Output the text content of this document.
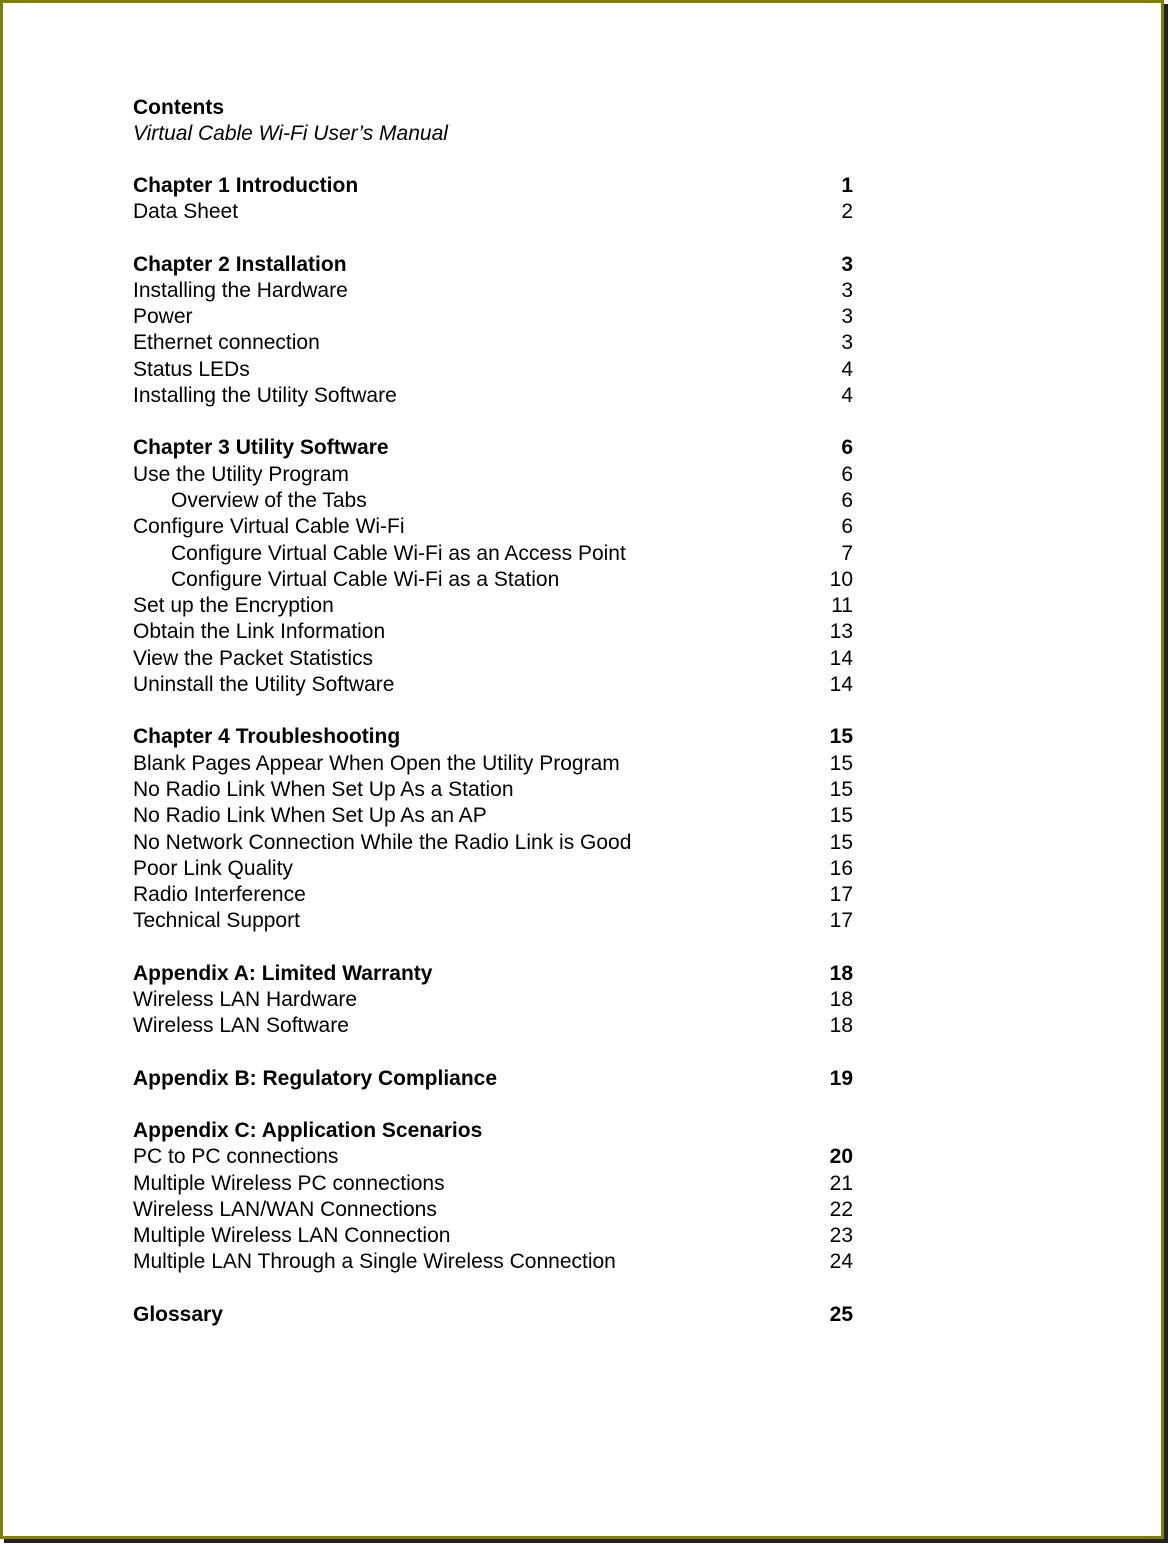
Contents
Virtual Cable Wi-Fi User’s Manual
Chapter 1 Introduction	1
Data Sheet	2
Chapter 2 Installation	3
Installing the Hardware	3
Power	3
Ethernet connection	3
Status LEDs	4
Installing the Utility Software	4
Chapter 3 Utility Software	6
Use the Utility Program	6
Overview of the Tabs	6
Configure Virtual Cable Wi-Fi	6
Configure Virtual Cable Wi-Fi as an Access Point	7
Configure Virtual Cable Wi-Fi as a Station	10
Set up the Encryption	11
Obtain the Link Information	13
View the Packet Statistics	14
Uninstall the Utility Software	14
Chapter 4 Troubleshooting	15
Blank Pages Appear When Open the Utility Program	15
No Radio Link When Set Up As a Station	15
No Radio Link When Set Up As an AP	15
No Network Connection While the Radio Link is Good	15
Poor Link Quality	16
Radio Interference	17
Technical Support	17
Appendix A: Limited Warranty	18
Wireless LAN Hardware	18
Wireless LAN Software	18
Appendix B: Regulatory Compliance	19
Appendix C: Application Scenarios
PC to PC connections	20
Multiple Wireless PC connections	21
Wireless LAN/WAN Connections	22
Multiple Wireless LAN Connection	23
Multiple LAN Through a Single Wireless Connection	24
Glossary	25
